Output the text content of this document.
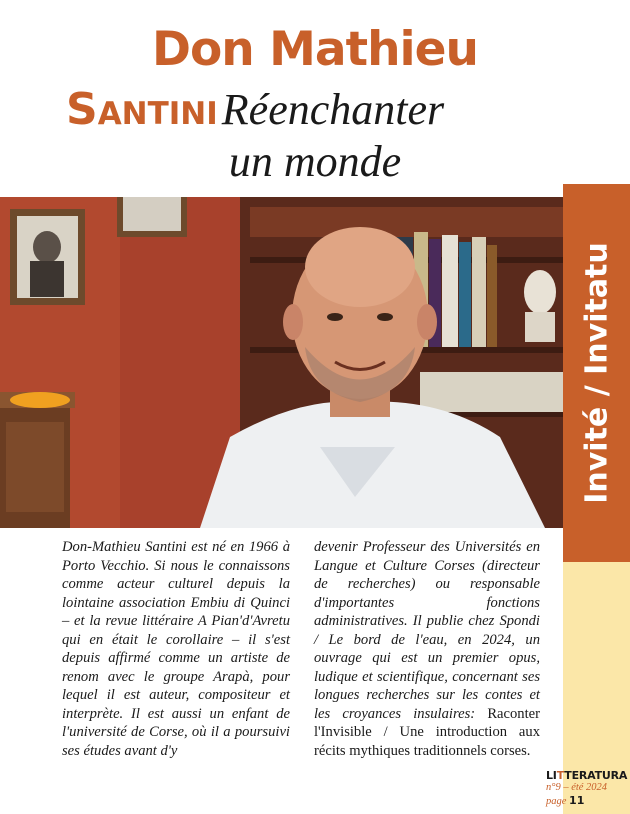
Don Mathieu
SantiniRéenchanter
un monde
Invité / Invitatu

Don-Mathieu Santini est né en 1966 à Porto Vecchio. Si nous le connaissons comme acteur culturel depuis la lointaine association Embiu di Quinci – et la revue littéraire A Pian'd'Avretu qui en était le corollaire – il s'est depuis affirmé comme un artiste de renom avec le groupe Arapà, pour lequel il est auteur, compositeur et interprète. Il est aussi un enfant de l'université de Corse, où il a poursuivi ses études avant d'y

devenir Professeur des Universités en Langue et Culture Corses (directeur de recherches) ou responsable d'importantes fonctions administratives. Il publie chez Spondi / Le bord de l'eau, en 2024, un ouvrage qui est un premier opus, ludique et scientifique, concernant ses longues recherches sur les contes et les croyances insulaires: Raconter l'Invisible / Une introduction aux récits mythiques traditionnels corses.

LITTERATURA
n°9 – été 2024
page 11
